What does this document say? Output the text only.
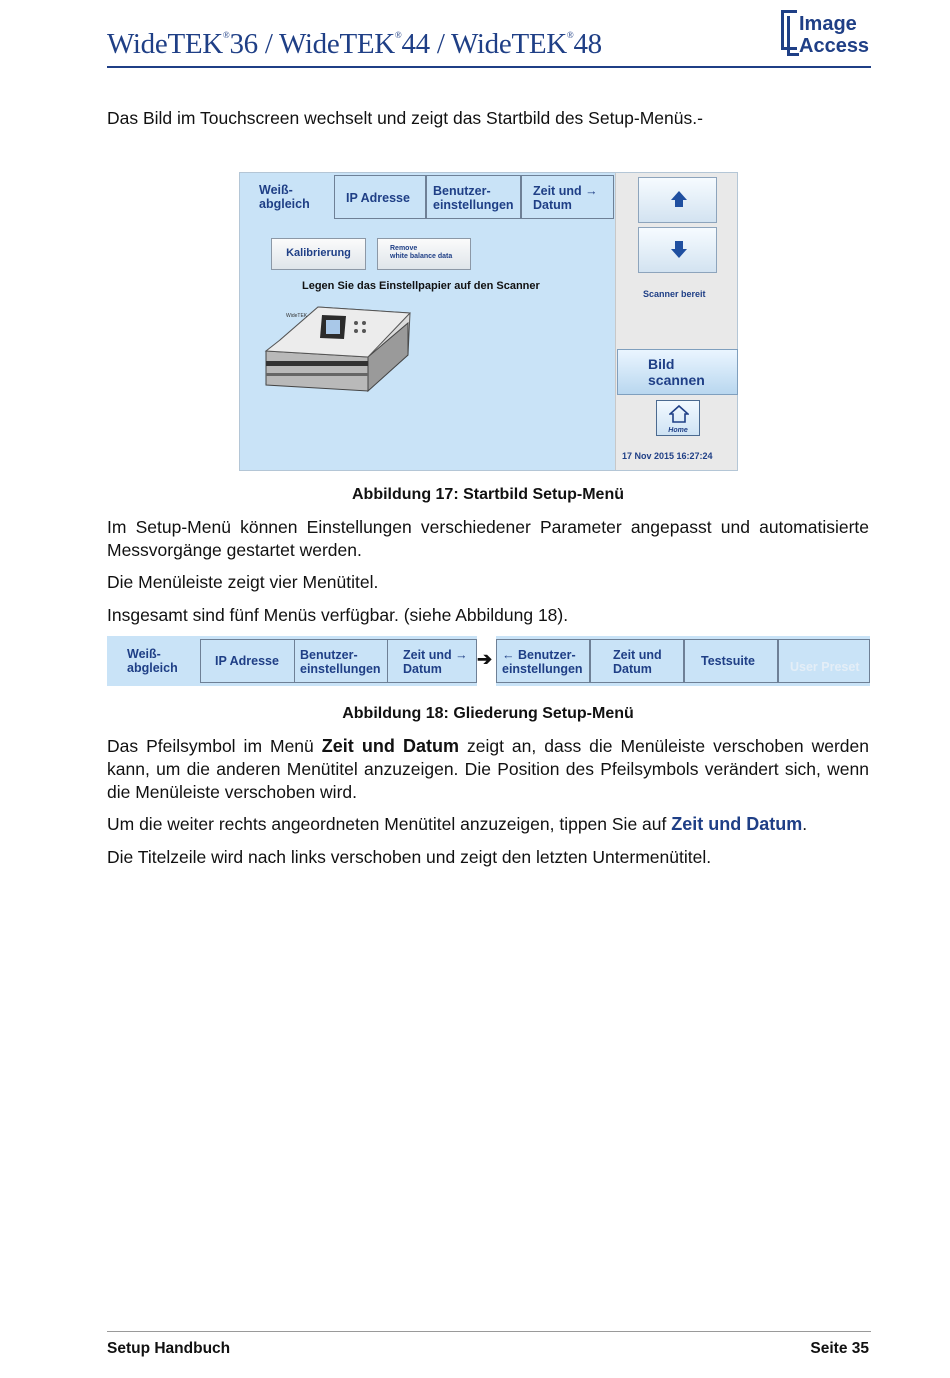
WideTEK®36 / WideTEK®44 / WideTEK®48
Image
Access
Das Bild im Touchscreen wechselt und zeigt das Startbild des Setup-Menüs.-
Weiß-
abgleich	IP Adresse	Benutzer-
einstellungen
Zeit und →
Datum
Kalibrierung	Remove
white balance data
Legen Sie das Einstellpapier auf den Scanner
WideTEK
Scanner bereit
Bild
scannen
Home
17 Nov 2015 16:27:24
Abbildung 17: Startbild Setup-Menü
Im Setup-Menü können Einstellungen verschiedener Parameter angepasst und automatisierte Messvorgänge gestartet werden.
Die Menüleiste zeigt vier Menütitel.
Insgesamt sind fünf Menüs verfügbar. (siehe Abbildung 18).
Weiß-
abgleich	IP Adresse	Benutzer-
einstellungen
Zeit und →
Datum	➔ ← Benutzer-
einstellungen
Zeit und
Datum
Testsuite	User Preset
Abbildung 18: Gliederung Setup-Menü
Das Pfeilsymbol im Menü Zeit und Datum zeigt an, dass die Menüleiste verschoben werden kann, um die anderen Menütitel anzuzeigen. Die Position des Pfeilsymbols verändert sich, wenn die Menüleiste verschoben wird.
Um die weiter rechts angeordneten Menütitel anzuzeigen, tippen Sie auf Zeit und Datum.
Die Titelzeile wird nach links verschoben und zeigt den letzten Untermenütitel.
Setup Handbuch	Seite 35
